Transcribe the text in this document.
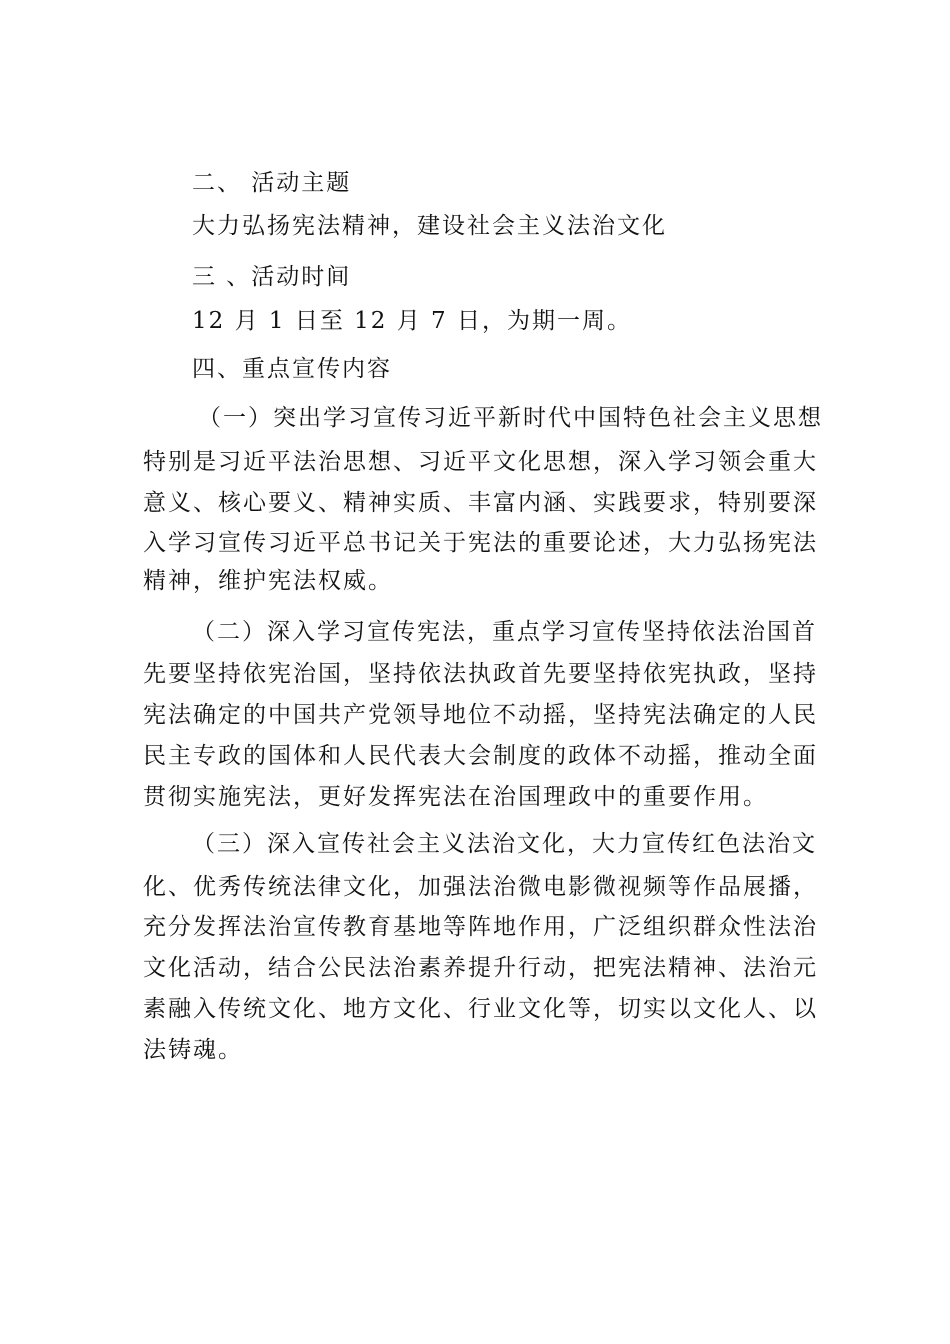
二、 活动主题
大力弘扬宪法精神，建设社会主义法治文化
三 、活动时间
12 月 1 日至 12 月 7 日，为期一周。
四、重点宣传内容
（一）突出学习宣传习近平新时代中国特色社会主义思想
特别是习近平法治思想、习近平文化思想，深入学习领会重大
意义、核心要义、精神实质、丰富内涵、实践要求，特别要深
入学习宣传习近平总书记关于宪法的重要论述，大力弘扬宪法
精神，维护宪法权威。
（二）深入学习宣传宪法，重点学习宣传坚持依法治国首
先要坚持依宪治国，坚持依法执政首先要坚持依宪执政，坚持
宪法确定的中国共产党领导地位不动摇，坚持宪法确定的人民
民主专政的国体和人民代表大会制度的政体不动摇，推动全面
贯彻实施宪法，更好发挥宪法在治国理政中的重要作用。
（三）深入宣传社会主义法治文化，大力宣传红色法治文
化、优秀传统法律文化，加强法治微电影微视频等作品展播，
充分发挥法治宣传教育基地等阵地作用，广泛组织群众性法治
文化活动，结合公民法治素养提升行动，把宪法精神、法治元
素融入传统文化、地方文化、行业文化等，切实以文化人、以
法铸魂。
